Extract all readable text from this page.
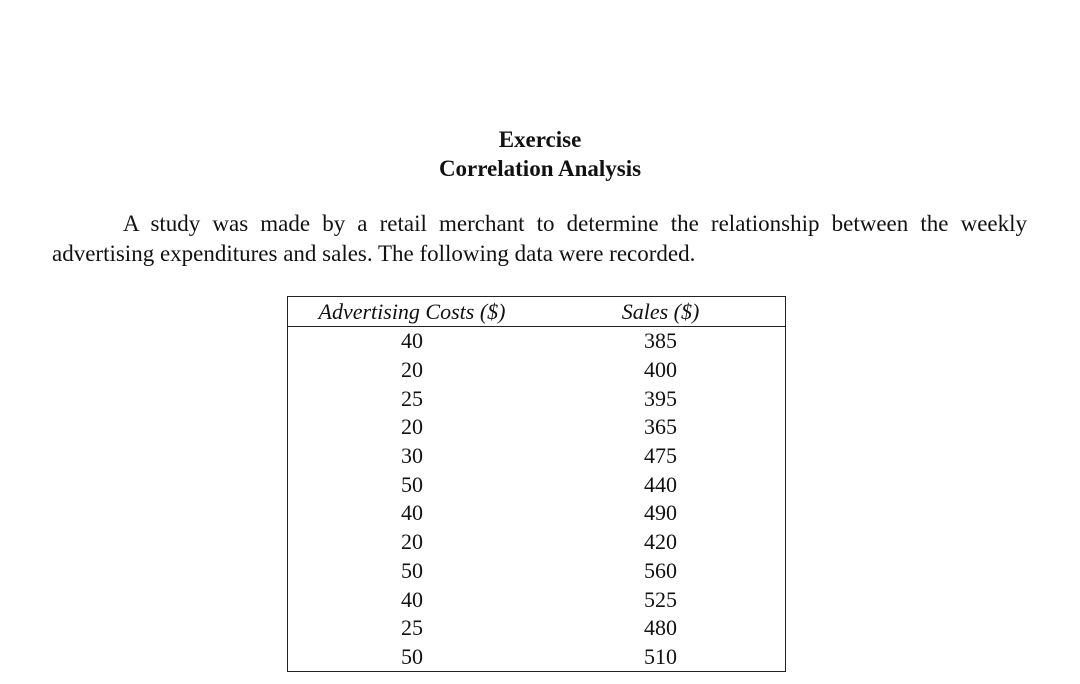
Exercise
Correlation Analysis
A study was made by a retail merchant to determine the relationship between the weekly
advertising expenditures and sales. The following data were recorded.
Advertising Costs ($)	Sales ($)
40	385
20	400
25	395
20	365
30	475
50	440
40	490
20	420
50	560
40	525
25	480
50	510
